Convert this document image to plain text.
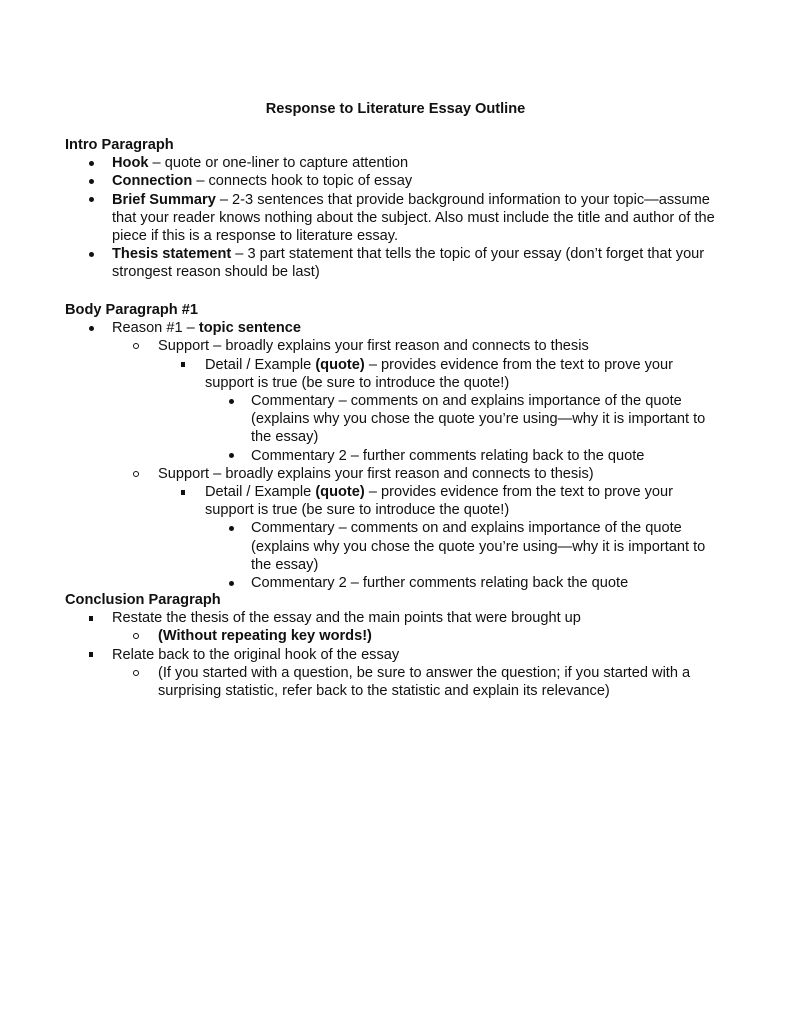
Response to Literature Essay Outline
Intro Paragraph
Hook – quote or one-liner to capture attention
Connection – connects hook to topic of essay
Brief Summary – 2-3 sentences that provide background information to your topic—assume that your reader knows nothing about the subject. Also must include the title and author of the piece if this is a response to literature essay.
Thesis statement – 3 part statement that tells the topic of your essay (don’t forget that your strongest reason should be last)
Body Paragraph #1
Reason #1 – topic sentence
Support – broadly explains your first reason and connects to thesis
Detail / Example (quote) – provides evidence from the text to prove your support is true (be sure to introduce the quote!)
Commentary – comments on and explains importance of the quote (explains why you chose the quote you’re using—why it is important to the essay)
Commentary 2 – further comments relating back to the quote
Support – broadly explains your first reason and connects to thesis)
Detail / Example (quote) – provides evidence from the text to prove your support is true (be sure to introduce the quote!)
Commentary – comments on and explains importance of the quote (explains why you chose the quote you’re using—why it is important to the essay)
Commentary 2 – further comments relating back the quote
Conclusion Paragraph
Restate the thesis of the essay and the main points that were brought up
(Without repeating key words!)
Relate back to the original hook of the essay
(If you started with a question, be sure to answer the question; if you started with a surprising statistic, refer back to the statistic and explain its relevance)
